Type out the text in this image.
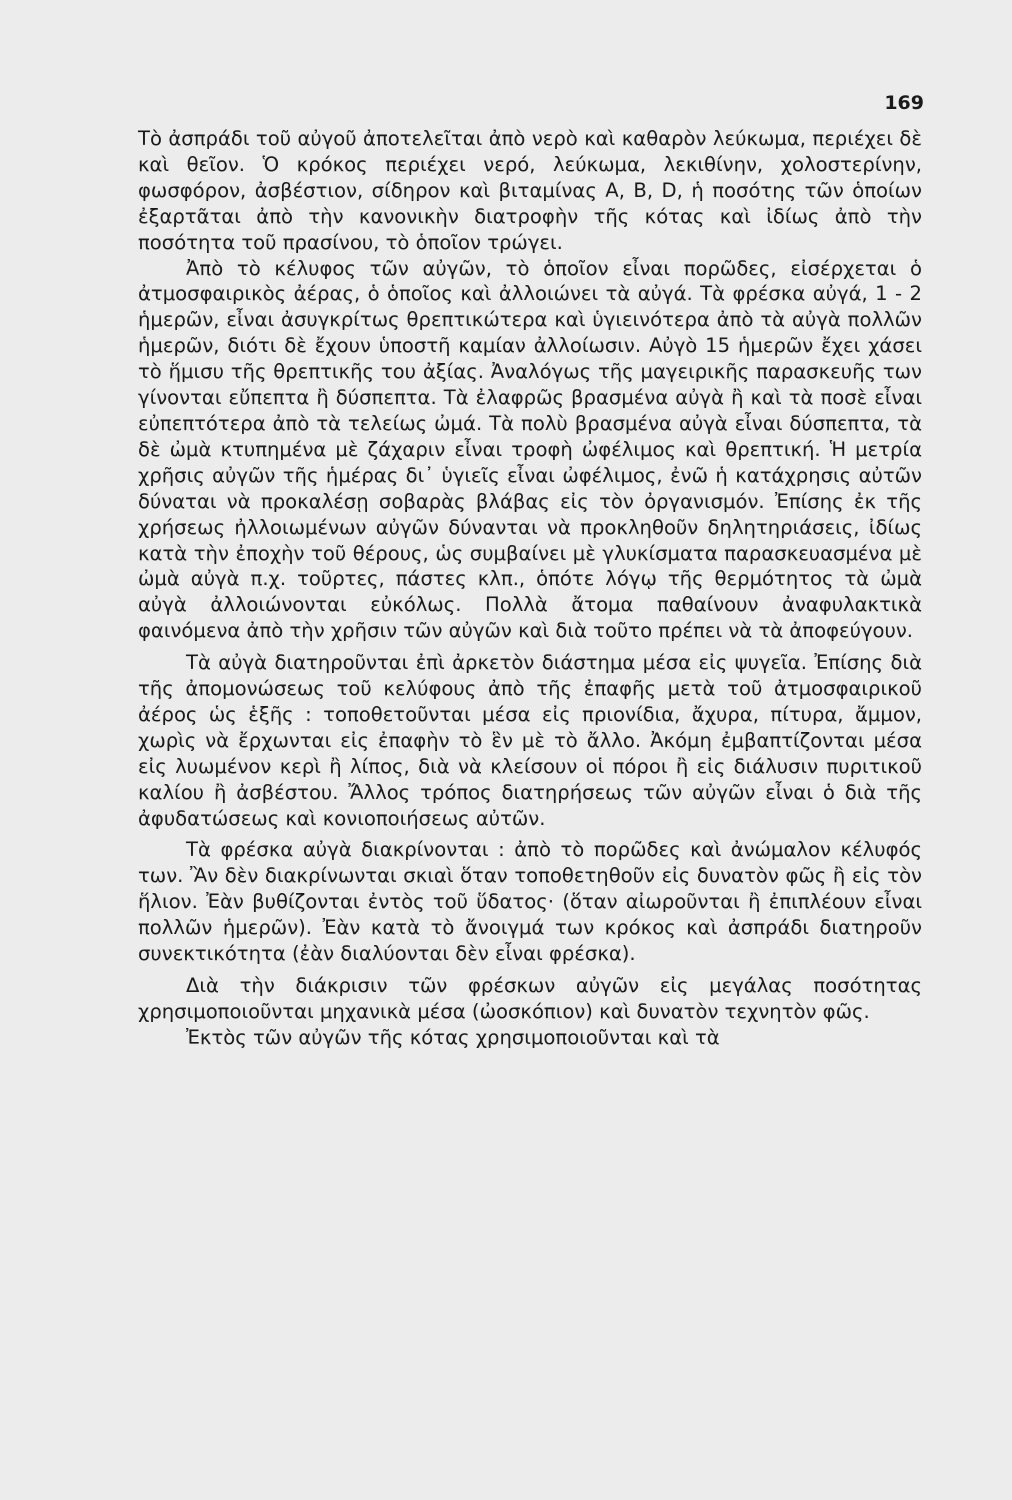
169

Τὸ ἀσπράδι τοῦ αὐγοῦ ἀποτελεῖται ἀπὸ νερὸ καὶ καθαρὸν λεύκωμα, περιέχει δὲ καὶ θεῖον. Ὁ κρόκος περιέχει νερό, λεύκωμα, λεκιθίνην, χολοστερίνην, φωσφόρον, ἀσβέστιον, σίδηρον καὶ βιταμίνας Α, Β, D, ἡ ποσότης τῶν ὁποίων ἐξαρτᾶται ἀπὸ τὴν κανονικὴν διατροφὴν τῆς κότας καὶ ἰδίως ἀπὸ τὴν ποσότητα τοῦ πρασίνου, τὸ ὁποῖον τρώγει.

Ἀπὸ τὸ κέλυφος τῶν αὐγῶν, τὸ ὁποῖον εἶναι πορῶδες, εἰσέρχεται ὁ ἀτμοσφαιρικὸς ἀέρας, ὁ ὁποῖος καὶ ἀλλοιώνει τὰ αὐγά. Τὰ φρέσκα αὐγά, 1 - 2 ἡμερῶν, εἶναι ἀσυγκρίτως θρεπτικώτερα καὶ ὑγιεινότερα ἀπὸ τὰ αὐγὰ πολλῶν ἡμερῶν, διότι δὲ ἔχουν ὑποστῆ καμίαν ἀλλοίωσιν. Αὐγὸ 15 ἡμερῶν ἔχει χάσει τὸ ἥμισυ τῆς θρεπτικῆς του ἀξίας. Ἀναλόγως τῆς μαγειρικῆς παρασκευῆς των γίνονται εὔπεπτα ἢ δύσπεπτα. Τὰ ἐλαφρῶς βρασμένα αὐγὰ ἢ καὶ τὰ ποσὲ εἶναι εὐπεπτότερα ἀπὸ τὰ τελείως ὠμά. Τὰ πολὺ βρασμένα αὐγὰ εἶναι δύσπεπτα, τὰ δὲ ὠμὰ κτυπημένα μὲ ζάχαριν εἶναι τροφὴ ὠφέλιμος καὶ θρεπτική. Ἡ μετρία χρῆσις αὐγῶν τῆς ἡμέρας δι᾽ ὑγιεῖς εἶναι ὠφέλιμος, ἐνῶ ἡ κατάχρησις αὐτῶν δύναται νὰ προκαλέσῃ σοβαρὰς βλάβας εἰς τὸν ὀργανισμόν. Ἐπίσης ἐκ τῆς χρήσεως ἠλλοιωμένων αὐγῶν δύνανται νὰ προκληθοῦν δηλητηριάσεις, ἰδίως κατὰ τὴν ἐποχὴν τοῦ θέρους, ὡς συμβαίνει μὲ γλυκίσματα παρασκευασμένα μὲ ὠμὰ αὐγὰ π.χ. τοῦρτες, πάστες κλπ., ὁπότε λόγῳ τῆς θερμότητος τὰ ὠμὰ αὐγὰ ἀλλοιώνονται εὐκόλως. Πολλὰ ἄτομα παθαίνουν ἀναφυλακτικὰ φαινόμενα ἀπὸ τὴν χρῆσιν τῶν αὐγῶν καὶ διὰ τοῦτο πρέπει νὰ τὰ ἀποφεύγουν.

Τὰ αὐγὰ διατηροῦνται ἐπὶ ἀρκετὸν διάστημα μέσα εἰς ψυγεῖα. Ἐπίσης διὰ τῆς ἀπομονώσεως τοῦ κελύφους ἀπὸ τῆς ἐπαφῆς μετὰ τοῦ ἀτμοσφαιρικοῦ ἀέρος ὡς ἑξῆς : τοποθετοῦνται μέσα εἰς πριονίδια, ἄχυρα, πίτυρα, ἄμμον, χωρὶς νὰ ἔρχωνται εἰς ἐπαφὴν τὸ ἓν μὲ τὸ ἄλλο. Ἀκόμη ἐμβαπτίζονται μέσα εἰς λυωμένον κερὶ ἢ λίπος, διὰ νὰ κλείσουν οἱ πόροι ἢ εἰς διάλυσιν πυριτικοῦ καλίου ἢ ἀσβέστου. Ἄλλος τρόπος διατηρήσεως τῶν αὐγῶν εἶναι ὁ διὰ τῆς ἀφυδατώσεως καὶ κονιοποιήσεως αὐτῶν.

Τὰ φρέσκα αὐγὰ διακρίνονται : ἀπὸ τὸ πορῶδες καὶ ἀνώμαλον κέλυφός των. Ἂν δὲν διακρίνωνται σκιαὶ ὅταν τοποθετηθοῦν εἰς δυνατὸν φῶς ἢ εἰς τὸν ἥλιον. Ἐὰν βυθίζονται ἐντὸς τοῦ ὕδατος· (ὅταν αἰωροῦνται ἢ ἐπιπλέουν εἶναι πολλῶν ἡμερῶν). Ἐὰν κατὰ τὸ ἄνοιγμά των κρόκος καὶ ἀσπράδι διατηροῦν συνεκτικότητα (ἐὰν διαλύονται δὲν εἶναι φρέσκα).

Διὰ τὴν διάκρισιν τῶν φρέσκων αὐγῶν εἰς μεγάλας ποσότητας χρησιμοποιοῦνται μηχανικὰ μέσα (ὠοσκόπιον) καὶ δυνατὸν τεχνητὸν φῶς.

Ἐκτὸς τῶν αὐγῶν τῆς κότας χρησιμοποιοῦνται καὶ τὰ
